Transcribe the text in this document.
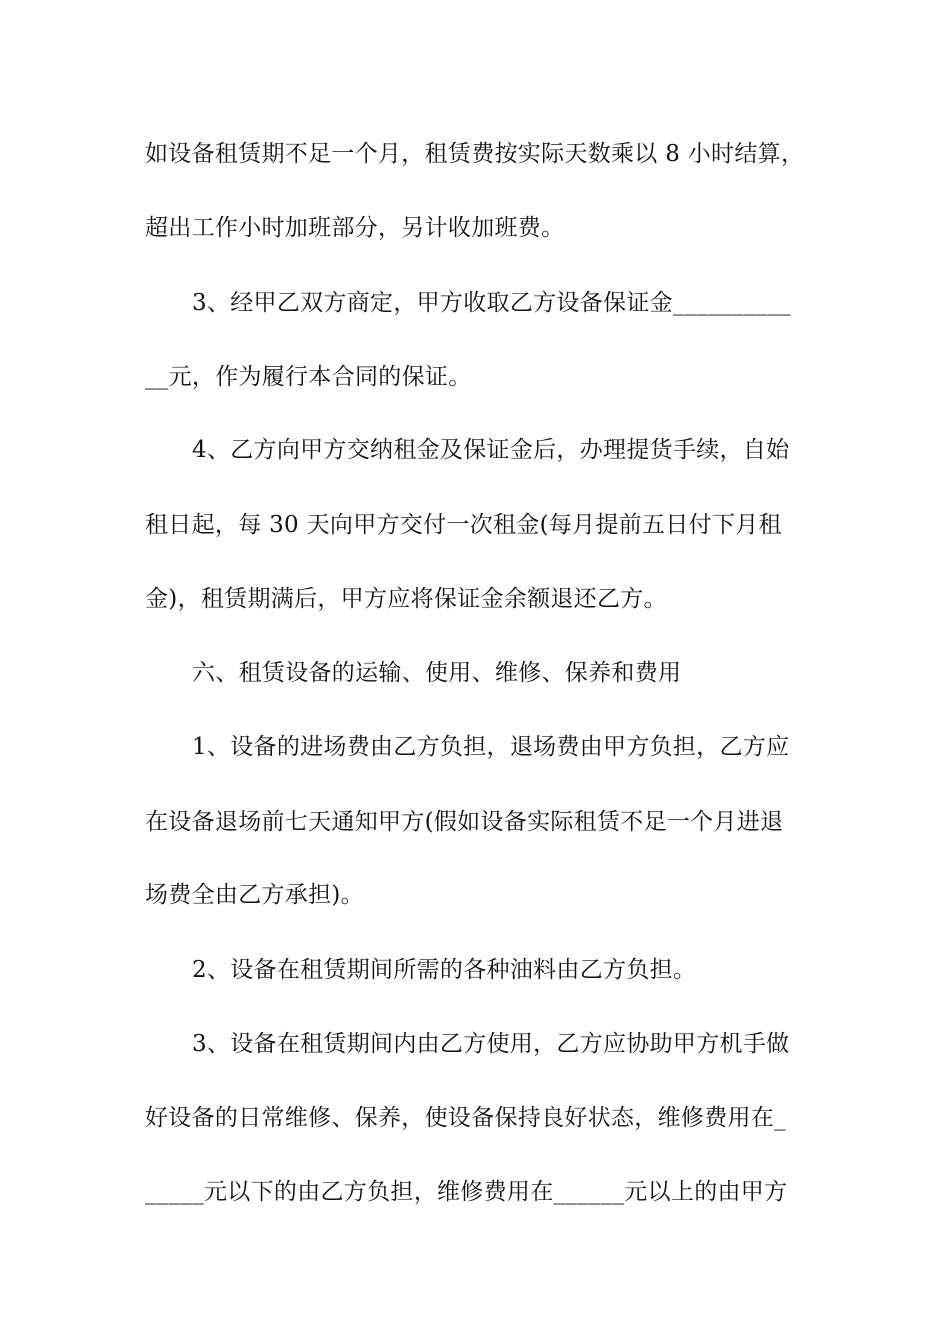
如设备租赁期不足一个月，租赁费按实际天数乘以 8 小时结算，
超出工作小时加班部分，另计收加班费。
3、经甲乙双方商定，甲方收取乙方设备保证金__________
__元，作为履行本合同的保证。
4、乙方向甲方交纳租金及保证金后，办理提货手续，自始
租日起，每 30 天向甲方交付一次租金(每月提前五日付下月租
金)，租赁期满后，甲方应将保证金余额退还乙方。
六、租赁设备的运输、使用、维修、保养和费用
1、设备的进场费由乙方负担，退场费由甲方负担，乙方应
在设备退场前七天通知甲方(假如设备实际租赁不足一个月进退
场费全由乙方承担)。
2、设备在租赁期间所需的各种油料由乙方负担。
3、设备在租赁期间内由乙方使用，乙方应协助甲方机手做
好设备的日常维修、保养，使设备保持良好状态，维修费用在_
_____元以下的由乙方负担，维修费用在______元以上的由甲方
